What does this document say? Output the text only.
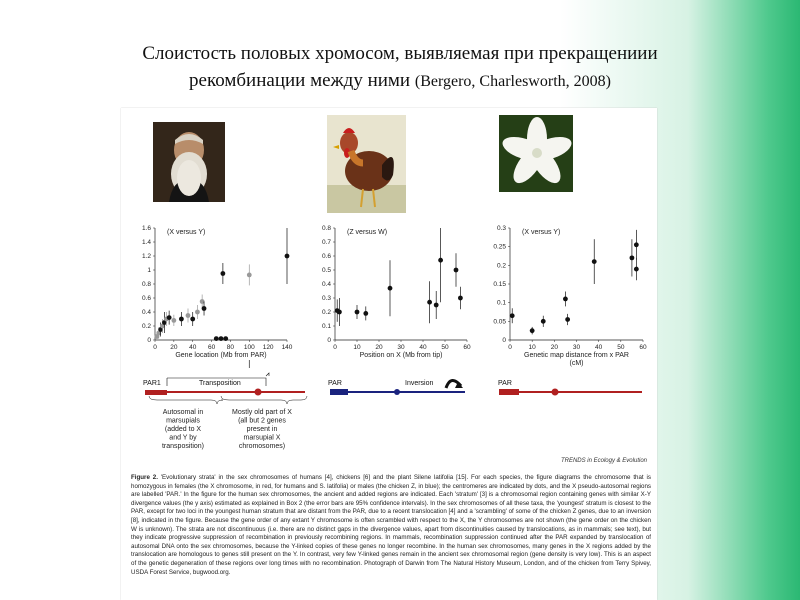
Слоистость половых хромосом, выявляемая при прекращениии
рекомбинации между ними (Bergero, Charlesworth, 2008)
0 20 40 60 80 100 120 140
0
0.2
0.4
0.6
0.8
1
1.2
1.4
1.6
(X versus Y)
Gene location (Mb from PAR)
0	10 20 30 40 50 60
0
0.1
0.2
0.3
0.4
0.5
0.6
0.7
0.8
(Z versus W)
Position on X (Mb from tip)
0	10 20 30 40 50 60
0
0.05
0.1
0.15
0.2
0.25
0.3
(X versus Y)
Genetic map distance from x PAR
(cM)
PAR1	Transposition
Autosomal in
marsupials
(added to X
and Y by
transposition)
Mostly old part of X
(all but 2 genes
present in
marsupial X
chromosomes)
PAR	Inversion	PAR
TRENDS in Ecology & Evolution
Figure 2. 'Evolutionary strata' in the sex chromosomes of humans [4], chickens [6] and the plant Silene latifolia [15]. For each species, the figure diagrams the chromosome that is homozygous in females (the X chromosome, in red, for humans and S. latifolia) or males (the chicken Z, in blue); the centromeres are indicated by dots, and the X pseudo-autosomal regions are labelled 'PAR.' In the figure for the human sex chromosomes, the ancient and added regions are indicated. Each 'stratum' [3] is a chromosomal region containing genes with similar X-Y divergence values (the y axis) estimated as explained in Box 2 (the error bars are 95% confidence intervals). In the sex chromosomes of all these taxa, the 'youngest' stratum is closest to the PAR, except for two loci in the youngest human stratum that are distant from the PAR, due to a recent translocation [4] and a 'scrambling' of some of the chicken Z genes, due to an inversion [8], indicated in the figure. Because the gene order of any extant Y chromosome is often scrambled with respect to the X, the Y chromosomes are not shown (the gene order on the chicken W is unknown). The strata are not discontinuous (i.e. there are no distinct gaps in the divergence values, apart from discontinuities caused by translocations, as in mammals; see text), but they indicate progressive suppression of recombination in previously recombining regions. In mammals, recombination suppression continued after the PAR expanded by translocation of autosomal DNA onto the sex chromosomes, because the Y-linked copies of these genes no longer recombine. In the human sex chromosomes, many genes in the X regions added by the translocation are homologous to genes still present on the Y. In contrast, very few Y-linked genes remain in the ancient sex chromosomal region (gene density is very low). This is an aspect of the genetic degeneration of these regions over long times with no recombination. Photograph of Darwin from The Natural History Museum, London, and of the chicken from Terry Spivey, USDA Forest Service, bugwood.org.
